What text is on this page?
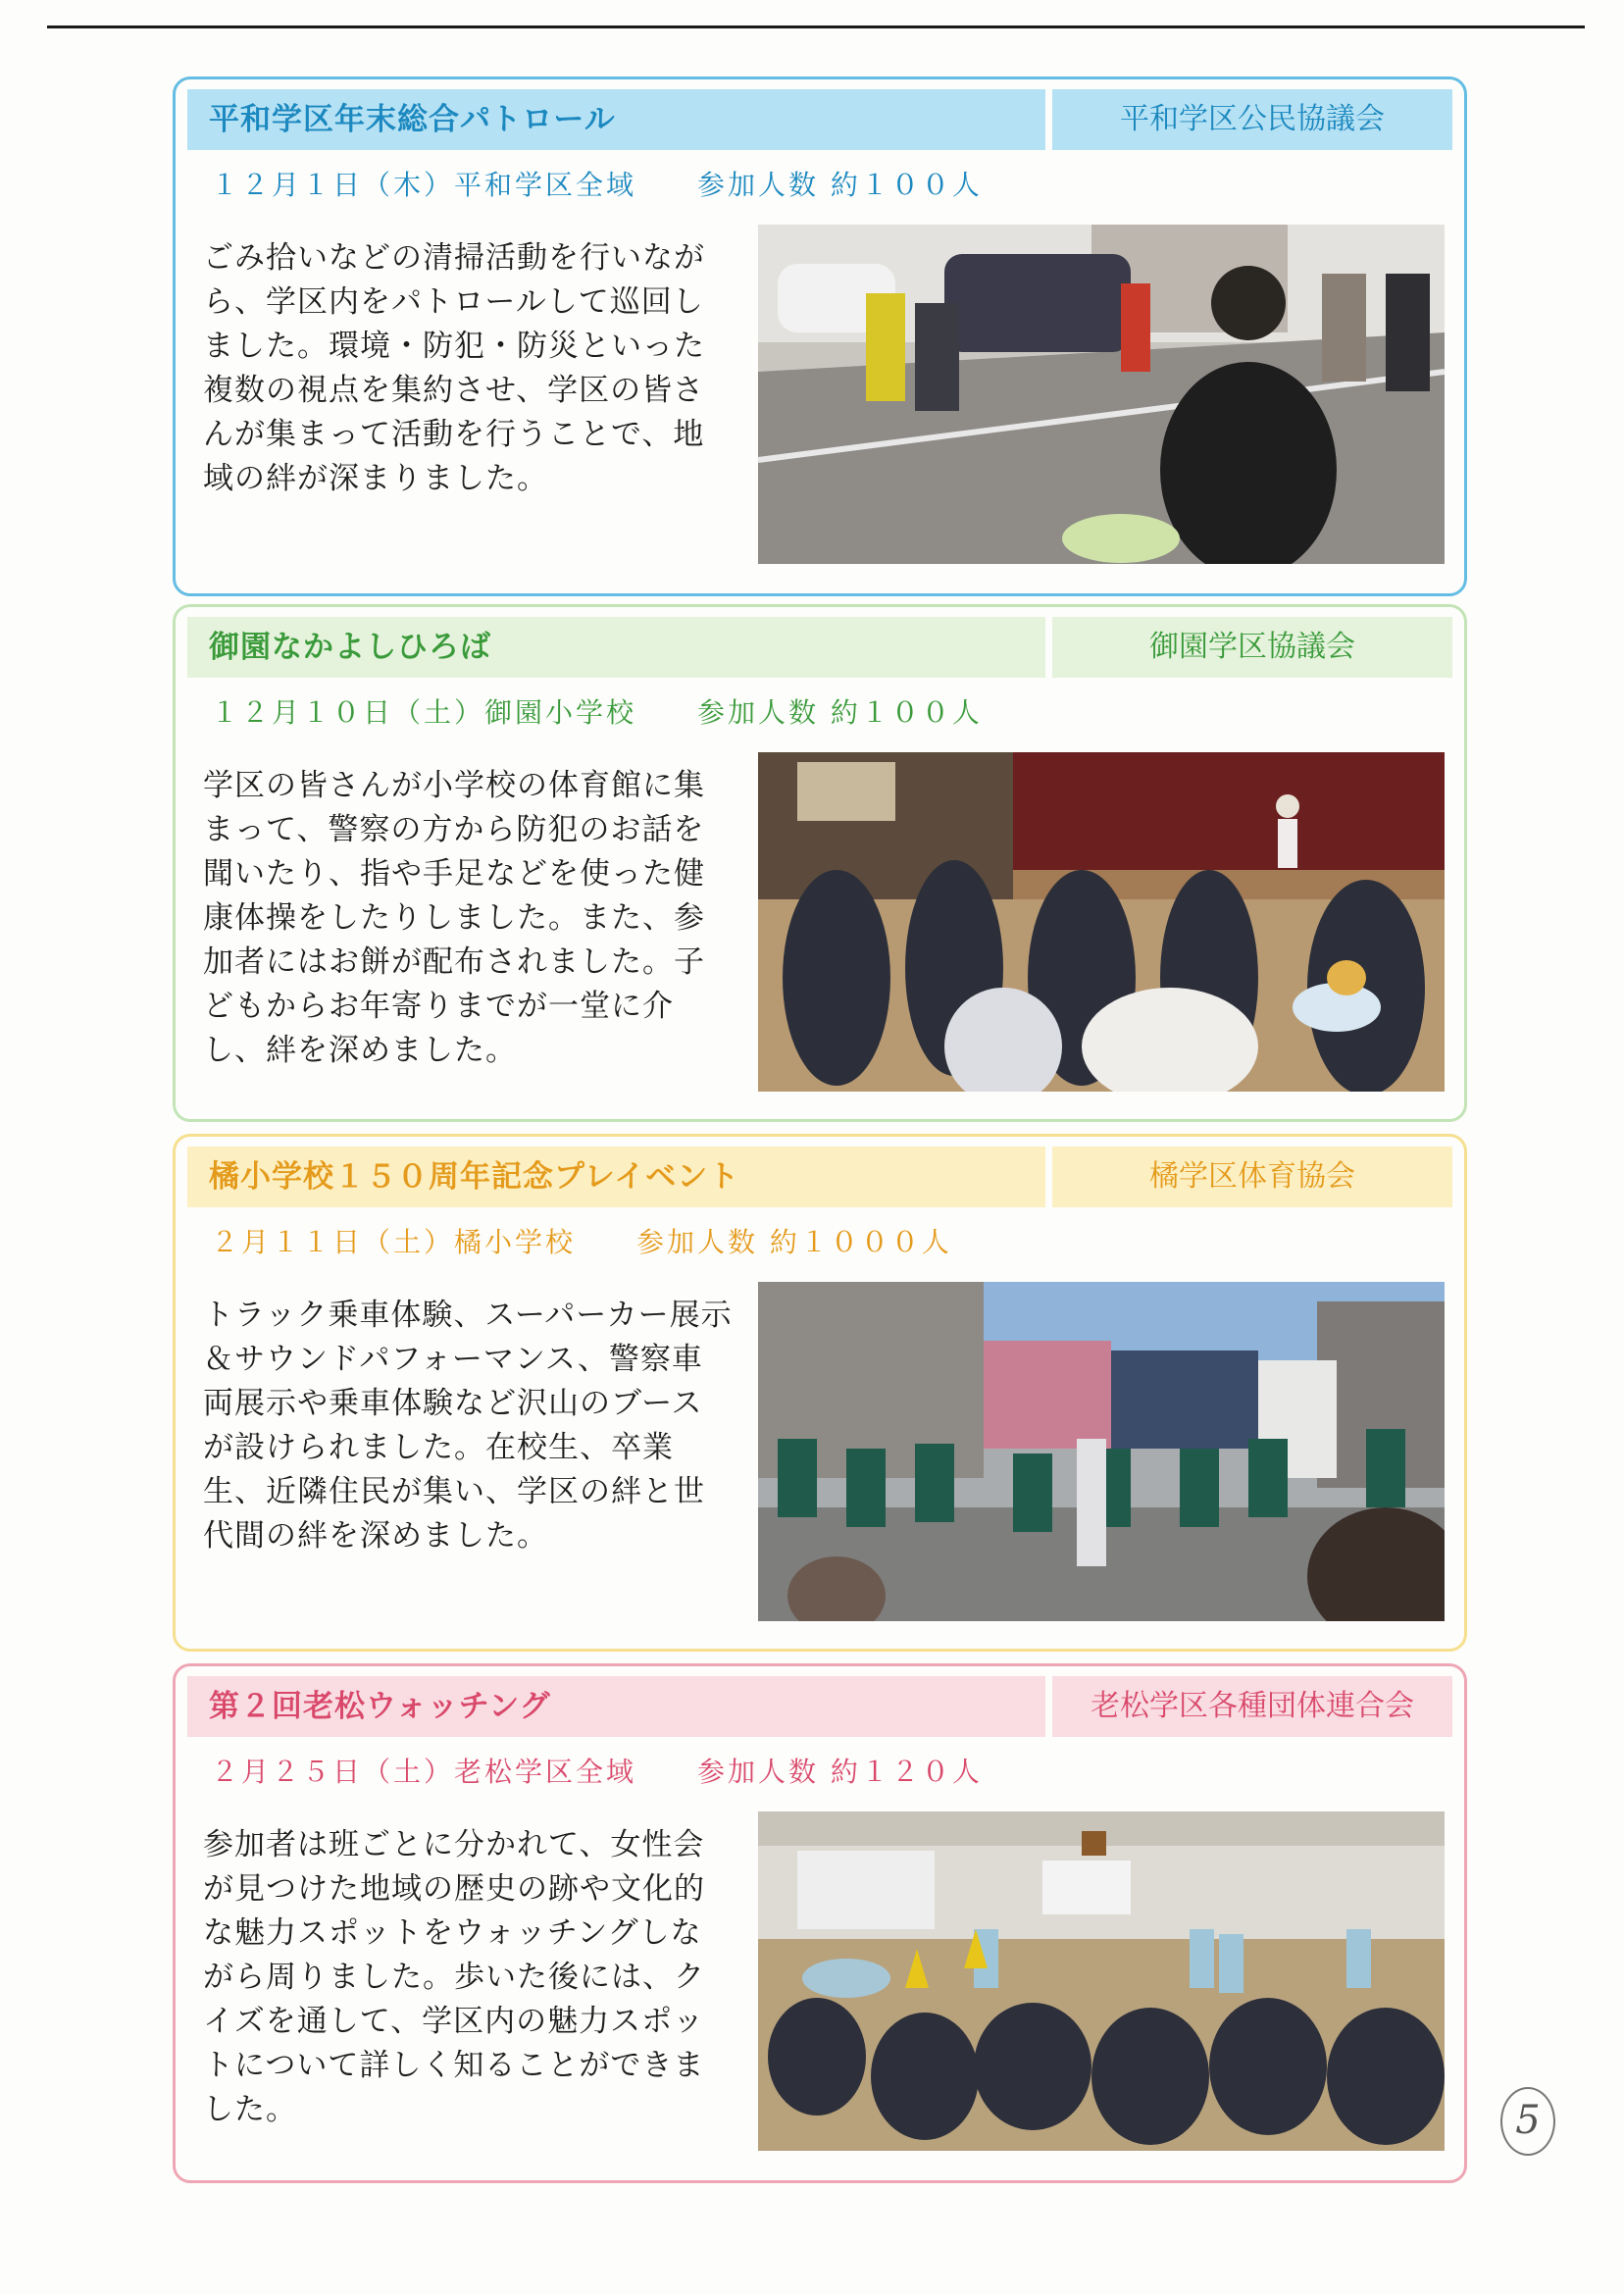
平和学区年末総合パトロール	平和学区公民協議会
１２月１日（木）平和学区全域　　参加人数 約１００人
ごみ拾いなどの清掃活動を行いながら、学区内をパトロールして巡回しました。環境・防犯・防災といった複数の視点を集約させ、学区の皆さんが集まって活動を行うことで、地域の絆が深まりました。
御園なかよしひろば	御園学区協議会
１２月１０日（土）御園小学校　　参加人数 約１００人
学区の皆さんが小学校の体育館に集まって、警察の方から防犯のお話を聞いたり、指や手足などを使った健康体操をしたりしました。また、参加者にはお餅が配布されました。子どもからお年寄りまでが一堂に介し、絆を深めました。
橘小学校１５０周年記念プレイベント	橘学区体育協会
２月１１日（土）橘小学校　　参加人数 約１０００人
トラック乗車体験、スーパーカー展示＆サウンドパフォーマンス、警察車両展示や乗車体験など沢山のブースが設けられました。在校生、卒業生、近隣住民が集い、学区の絆と世代間の絆を深めました。
第２回老松ウォッチング	老松学区各種団体連合会
２月２５日（土）老松学区全域　　参加人数 約１２０人
参加者は班ごとに分かれて、女性会が見つけた地域の歴史の跡や文化的な魅力スポットをウォッチングしながら周りました。歩いた後には、クイズを通して、学区内の魅力スポットについて詳しく知ることができました。	5
